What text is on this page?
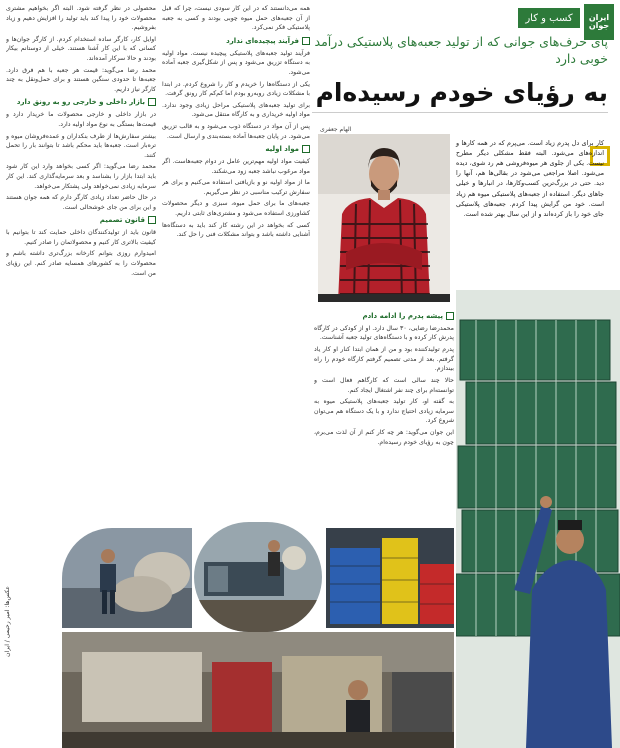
ایران
جوان
کسب و کار
پای حرف‌های جوانی که از تولید جعبه‌های پلاستیکی درآمد خوبی دارد
به رؤیای خودم رسیده‌ام
الهام جعفری
کار برای دل پدرم زیاد است. می‌پرم که در همه کارها و اندازه‌های می‌شود. البته فقط مشکلی دیگر مطرح نیست. یکی از جلوی هر میوه‌فروشی هم رد شوی، دیده می‌شود. اصلا مراجعی می‌شود در بقالی‌ها هم، آنها را دید. حتی در بزرگ‌ترین کسب‌وکارها، در انبارها و خیلی جاهای دیگر. استفاده از جعبه‌های پلاستیکی میوه هم زیاد است. خود من گرایش پیدا کردم. جعبه‌های پلاستیکی جای خود را باز کرده‌اند و از این سال بهتر شده است.

محصولی در نظر گرفته شود. البته اگر بخواهیم مشتری محصولات خود را پیدا کند باید تولید را افزایش دهیم و زیاد بفروشیم.

اوایل کار، کارگر ساده استخدام کردم. از کارگر جوان‌ها و کسانی که با این کار آشنا هستند. خیلی از دوستانم بیکار بودند و حالا سرکار آمده‌اند.

محمد رضا می‌گوید: قیمت هر جعبه با هم فرق دارد. جعبه‌ها تا حدودی سنگین هستند و برای حمل‌ونقل به چند کارگر نیاز داریم.

بازار داخلی و خارجی رو به رونق دارد

در بازار داخلی و خارجی محصولات ما خریدار دارد و قیمت‌ها بستگی به نوع مواد اولیه دارد.

بیشتر سفارش‌ها از طرف بنکداران و عمده‌فروشان میوه و تره‌بار است. جعبه‌ها باید محکم باشد تا بتوانند بار را تحمل کنند.

محمد رضا می‌گوید: اگر کسی بخواهد وارد این کار شود باید ابتدا بازار را بشناسد و بعد سرمایه‌گذاری کند. این کار سرمایه زیادی نمی‌خواهد ولی پشتکار می‌خواهد.

در حال حاضر تعداد زیادی کارگر دارم که همه جوان هستند و این برای من جای خوشحالی است.

قانون تصمیم

قانون باید از تولیدکنندگان داخلی حمایت کند تا بتوانیم با کیفیت بالاتری کار کنیم و محصولاتمان را صادر کنیم.

امیدوارم روزی بتوانم کارخانه بزرگ‌تری داشته باشم و محصولات را به کشورهای همسایه صادر کنم. این رؤیای من است.

همه می‌دانستند که در این کار سودی نیست، چرا که قبل از آن جعبه‌های حمل میوه چوبی بودند و کسی به جعبه پلاستیکی فکر نمی‌کرد.

فرآیند پیچیده‌ای ندارد

فرآیند تولید جعبه‌های پلاستیکی پیچیده نیست. مواد اولیه به دستگاه تزریق می‌شود و پس از شکل‌گیری جعبه آماده می‌شود.

یکی از دستگاه‌ها را خریدم و کار را شروع کردم. در ابتدا با مشکلات زیادی روبه‌رو بودم اما کم‌کم کار رونق گرفت.

برای تولید جعبه‌های پلاستیکی مراحل زیادی وجود ندارد. مواد اولیه خریداری و به کارگاه منتقل می‌شود.

پس از آن مواد در دستگاه ذوب می‌شود و به قالب تزریق می‌شود. در پایان جعبه‌ها آماده بسته‌بندی و ارسال است.

مواد اولیه

کیفیت مواد اولیه مهم‌ترین عامل در دوام جعبه‌هاست. اگر مواد مرغوب نباشد جعبه زود می‌شکند.

ما از مواد اولیه نو و بازیافتی استفاده می‌کنیم و برای هر سفارش ترکیب مناسبی در نظر می‌گیریم.

جعبه‌های ما برای حمل میوه، سبزی و دیگر محصولات کشاورزی استفاده می‌شود و مشتری‌های ثابتی داریم.

کسی که بخواهد در این رشته کار کند باید به دستگاه‌ها آشنایی داشته باشد و بتواند مشکلات فنی را حل کند.

پیشه پدرم را ادامه دادم

محمدرضا رضایی، ۳۰ سال دارد. او از کودکی در کارگاه پدرش کار کرده و با دستگاه‌های تولید جعبه آشناست.

پدرم تولیدکننده بود و من از همان ابتدا کنار او کار یاد گرفتم. بعد از مدتی تصمیم گرفتم کارگاه خودم را راه بیندازم.

حالا چند سالی است که کارگاهم فعال است و توانسته‌ام برای چند نفر اشتغال ایجاد کنم.

به گفته او، کار تولید جعبه‌های پلاستیکی میوه به سرمایه زیادی احتیاج ندارد و با یک دستگاه هم می‌توان شروع کرد.

این جوان می‌گوید: هر چه کار کنم از آن لذت می‌برم، چون به رؤیای خودم رسیده‌ام.

عکس‌ها: امیر رحیمی / ایران
